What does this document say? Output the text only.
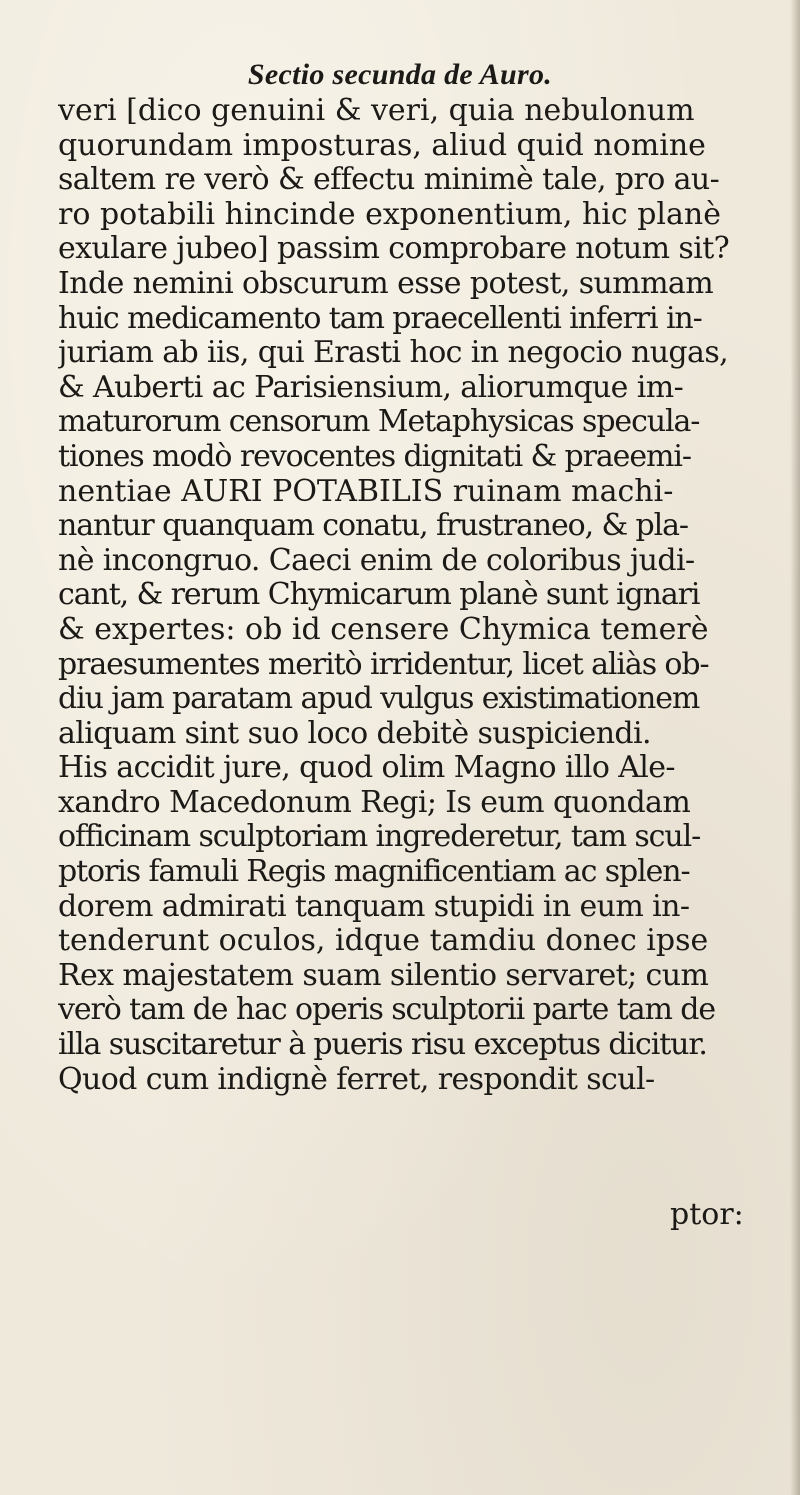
Sectio secunda de Auro.
veri [dico genuini & veri, quia nebulonum
quorundam imposturas, aliud quid nomine
saltem re verò & effectu minimè tale, pro au-
ro potabili hincinde exponentium, hic planè
exulare jubeo] passim comprobare notum sit?
Inde nemini obscurum esse potest, summam
huic medicamento tam praecellenti inferri in-
juriam ab iis, qui Erasti hoc in negocio nugas,
& Auberti ac Parisiensium, aliorumque im-
maturorum censorum Metaphysicas specula-
tiones modò revocentes dignitati & praeemi-
nentiae AURI POTABILIS ruinam machi-
nantur quanquam conatu, frustraneo, & pla-
nè incongruo. Caeci enim de coloribus judi-
cant, & rerum Chymicarum planè sunt ignari
& expertes: ob id censere Chymica temerè
praesumentes meritò irridentur, licet aliàs ob-
diu jam paratam apud vulgus existimationem
aliquam sint suo loco debitè suspiciendi.
His accidit jure, quod olim Magno illo Ale-
xandro Macedonum Regi; Is eum quondam
officinam sculptoriam ingrederetur, tam scul-
ptoris famuli Regis magnificentiam ac splen-
dorem admirati tanquam stupidi in eum in-
tenderunt oculos, idque tamdiu donec ipse
Rex majestatem suam silentio servaret; cum
verò tam de hac operis sculptorii parte tam de
illa suscitaretur à pueris risu exceptus dicitur.
Quod cum indignè ferret, respondit scul-
ptor:
